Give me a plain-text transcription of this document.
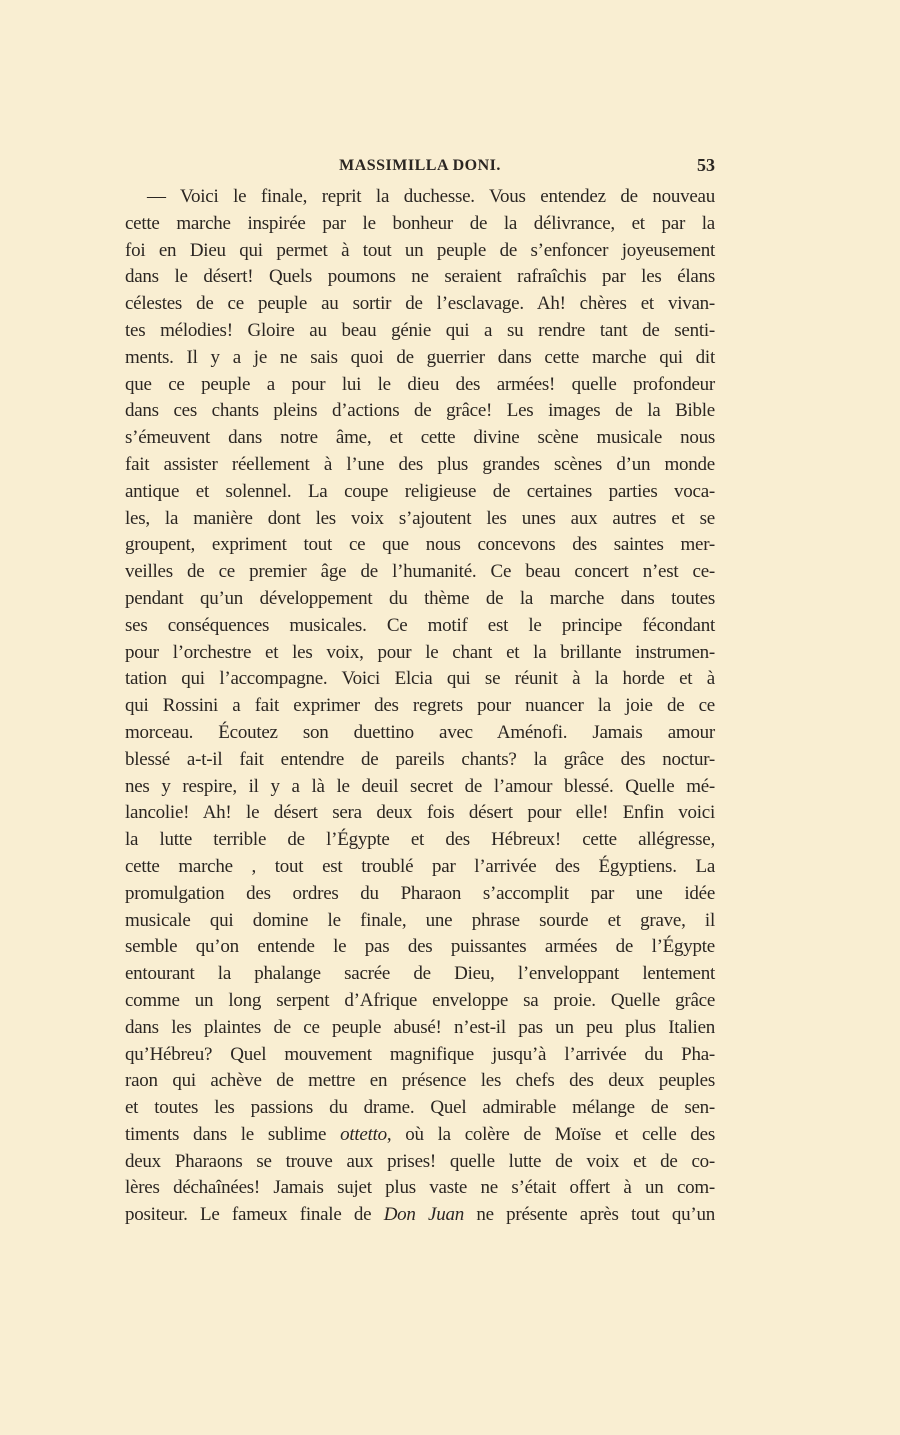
MASSIMILLA DONI.	53
— Voici le finale, reprit la duchesse. Vous entendez de nouveau
cette marche inspirée par le bonheur de la délivrance, et par la
foi en Dieu qui permet à tout un peuple de s’enfoncer joyeusement
dans le désert! Quels poumons ne seraient rafraîchis par les élans
célestes de ce peuple au sortir de l’esclavage. Ah! chères et vivan-
tes mélodies! Gloire au beau génie qui a su rendre tant de senti-
ments. Il y a je ne sais quoi de guerrier dans cette marche qui dit
que ce peuple a pour lui le dieu des armées! quelle profondeur
dans ces chants pleins d’actions de grâce! Les images de la Bible
s’émeuvent dans notre âme, et cette divine scène musicale nous
fait assister réellement à l’une des plus grandes scènes d’un monde
antique et solennel. La coupe religieuse de certaines parties voca-
les, la manière dont les voix s’ajoutent les unes aux autres et se
groupent, expriment tout ce que nous concevons des saintes mer-
veilles de ce premier âge de l’humanité. Ce beau concert n’est ce-
pendant qu’un développement du thème de la marche dans toutes
ses conséquences musicales. Ce motif est le principe fécondant
pour l’orchestre et les voix, pour le chant et la brillante instrumen-
tation qui l’accompagne. Voici Elcia qui se réunit à la horde et à
qui Rossini a fait exprimer des regrets pour nuancer la joie de ce
morceau. Écoutez son duettino avec Aménofi. Jamais amour
blessé a-t-il fait entendre de pareils chants? la grâce des noctur-
nes y respire, il y a là le deuil secret de l’amour blessé. Quelle mé-
lancolie! Ah! le désert sera deux fois désert pour elle! Enfin voici
la lutte terrible de l’Égypte et des Hébreux! cette allégresse,
cette marche , tout est troublé par l’arrivée des Égyptiens. La
promulgation des ordres du Pharaon s’accomplit par une idée
musicale qui domine le finale, une phrase sourde et grave, il
semble qu’on entende le pas des puissantes armées de l’Égypte
entourant la phalange sacrée de Dieu, l’enveloppant lentement
comme un long serpent d’Afrique enveloppe sa proie. Quelle grâce
dans les plaintes de ce peuple abusé! n’est-il pas un peu plus Italien
qu’Hébreu? Quel mouvement magnifique jusqu’à l’arrivée du Pha-
raon qui achève de mettre en présence les chefs des deux peuples
et toutes les passions du drame. Quel admirable mélange de sen-
timents dans le sublime ottetto, où la colère de Moïse et celle des
deux Pharaons se trouve aux prises! quelle lutte de voix et de co-
lères déchaînées! Jamais sujet plus vaste ne s’était offert à un com-
positeur. Le fameux finale de Don Juan ne présente après tout qu’un
